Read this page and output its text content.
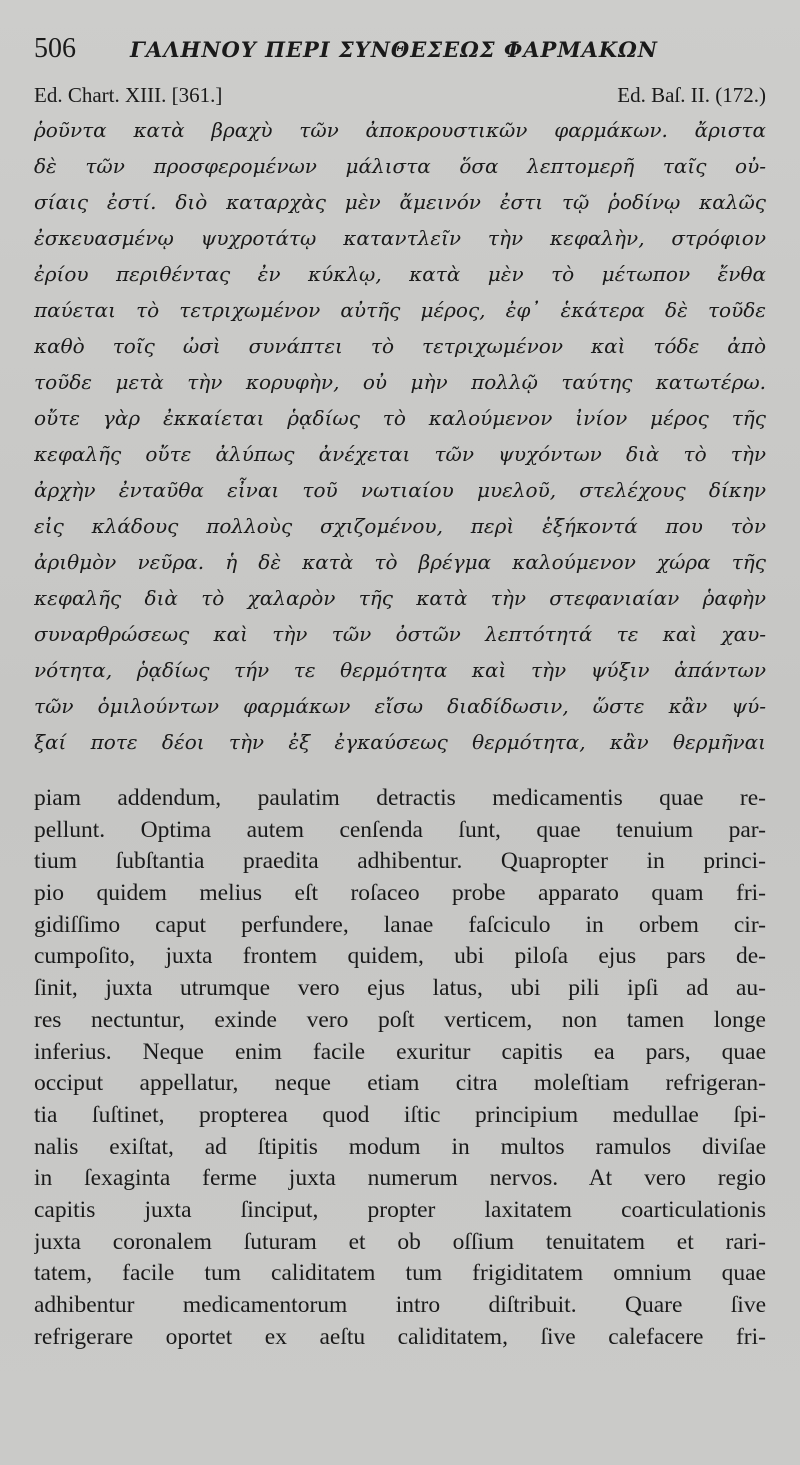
506	ΓΑΛΗΝΟΥ ΠΕΡΙ ΣΥΝΘΕΣΕΩΣ ΦΑΡΜΑΚΩΝ
Ed. Chart. XIII. [361.]	Ed. Baſ. II. (172.)
ῥοῦντα κατὰ βραχὺ τῶν ἀποκρουστικῶν φαρμάκων. ἄριστα
δὲ τῶν προσφερομένων μάλιστα ὅσα λεπτομερῆ ταῖς οὐ-
σίαις ἐστί. διὸ καταρχὰς μὲν ἄμεινόν ἐστι τῷ ῥοδίνῳ καλῶς
ἐσκευασμένῳ ψυχροτάτῳ καταντλεῖν τὴν κεφαλὴν, στρόφιον
ἐρίου περιθέντας ἐν κύκλῳ, κατὰ μὲν τὸ μέτωπον ἔνθα
παύεται τὸ τετριχωμένον αὐτῆς μέρος, ἐφ᾽ ἑκάτερα δὲ τοῦδε
καθὸ τοῖς ὠσὶ συνάπτει τὸ τετριχωμένον καὶ τόδε ἀπὸ
τοῦδε μετὰ τὴν κορυφὴν, οὐ μὴν πολλῷ ταύτης κατωτέρω.
οὔτε γὰρ ἐκκαίεται ῥᾳδίως τὸ καλούμενον ἰνίον μέρος τῆς
κεφαλῆς οὔτε ἀλύπως ἀνέχεται τῶν ψυχόντων διὰ τὸ τὴν
ἀρχὴν ἐνταῦθα εἶναι τοῦ νωτιαίου μυελοῦ, στελέχους δίκην
εἰς κλάδους πολλοὺς σχιζομένου, περὶ ἑξήκοντά που τὸν
ἀριθμὸν νεῦρα. ἡ δὲ κατὰ τὸ βρέγμα καλούμενον χώρα τῆς
κεφαλῆς διὰ τὸ χαλαρὸν τῆς κατὰ τὴν στεφανιαίαν ῥαφὴν
συναρθρώσεως καὶ τὴν τῶν ὀστῶν λεπτότητά τε καὶ χαυ-
νότητα, ῥᾳδίως τήν τε θερμότητα καὶ τὴν ψύξιν ἁπάντων
τῶν ὁμιλούντων φαρμάκων εἴσω διαδίδωσιν, ὥστε κἂν ψύ-
ξαί ποτε δέοι τὴν ἐξ ἐγκαύσεως θερμότητα, κἂν θερμῆναι
piam addendum, paulatim detractis medicamentis quae re-
pellunt. Optima autem cenſenda ſunt, quae tenuium par-
tium ſubſtantia praedita adhibentur. Quapropter in princi-
pio quidem melius eſt roſaceo probe apparato quam fri-
gidiſſimo caput perfundere, lanae faſciculo in orbem cir-
cumpoſito, juxta frontem quidem, ubi piloſa ejus pars de-
ſinit, juxta utrumque vero ejus latus, ubi pili ipſi ad au-
res nectuntur, exinde vero poſt verticem, non tamen longe
inferius. Neque enim facile exuritur capitis ea pars, quae
occiput appellatur, neque etiam citra moleſtiam refrigeran-
tia ſuſtinet, propterea quod iſtic principium medullae ſpi-
nalis exiſtat, ad ſtipitis modum in multos ramulos diviſae
in ſexaginta ferme juxta numerum nervos. At vero regio
capitis juxta ſinciput, propter laxitatem coarticulationis
juxta coronalem ſuturam et ob oſſium tenuitatem et rari-
tatem, facile tum caliditatem tum frigiditatem omnium quae
adhibentur medicamentorum intro diſtribuit. Quare ſive
refrigerare oportet ex aeſtu caliditatem, ſive calefacere fri-
